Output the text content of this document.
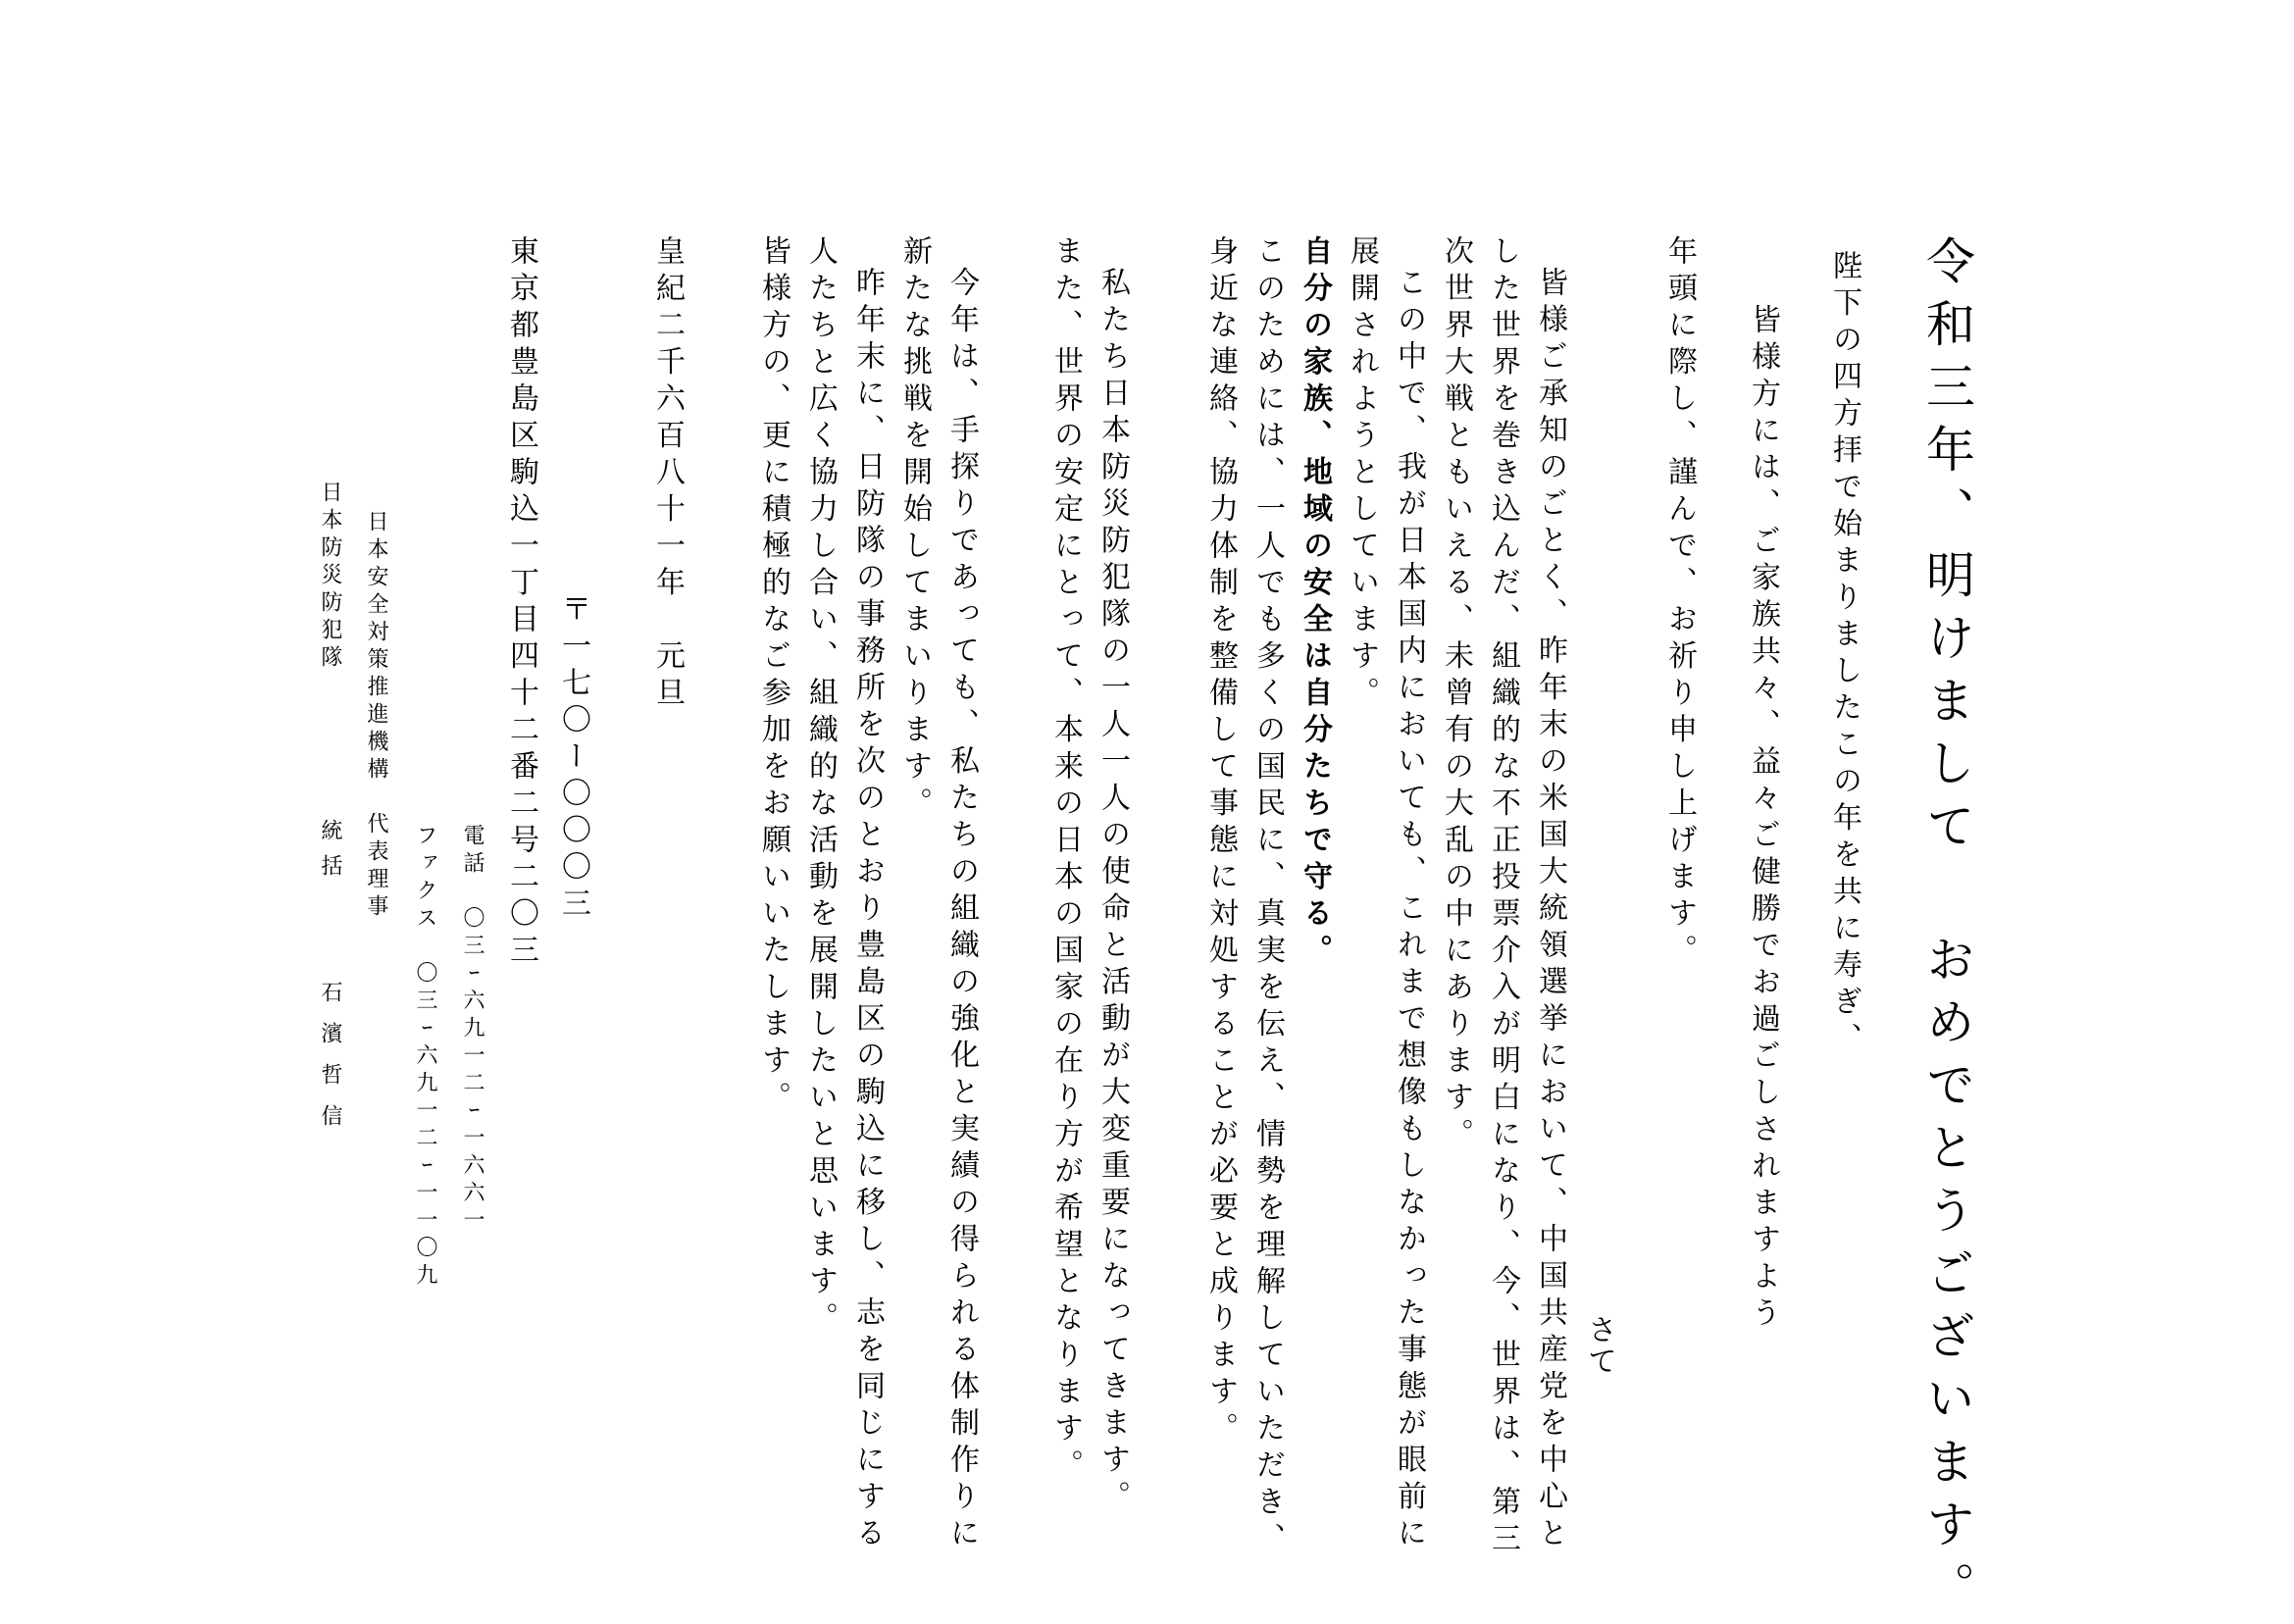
令和三年、明けまして おめでとうございます。
陛下の四方拝で始まりましたこの年を共に寿ぎ、
皆様方には、ご家族共々、益々ご健勝でお過ごしされますよう
年頭に際し、謹んで、お祈り申し上げます。
さて
皆様ご承知のごとく、昨年末の米国大統領選挙において、中国共産党を中心と
した世界を巻き込んだ、組織的な不正投票介入が明白になり、今、世界は、第三
次世界大戦ともいえる、未曾有の大乱の中にあります。
この中で、我が日本国内においても、これまで想像もしなかった事態が眼前に
展開されようとしています。
自分の家族、地域の安全は自分たちで守る。
このためには、一人でも多くの国民に、真実を伝え、情勢を理解していただき、
身近な連絡、協力体制を整備して事態に対処することが必要と成ります。
私たち日本防災防犯隊の一人一人の使命と活動が大変重要になってきます。
また、世界の安定にとって、本来の日本の国家の在り方が希望となります。
今年は、手探りであっても、私たちの組織の強化と実績の得られる体制作りに
新たな挑戦を開始してまいります。
昨年末に、日防隊の事務所を次のとおり豊島区の駒込に移し、志を同じにする
人たちと広く協力し合い、組織的な活動を展開したいと思います。
皆様方の、更に積極的なご参加をお願いいたします。
皇紀二千六百八十一年　元旦
〒一七〇ー〇〇〇三
東京都豊島区駒込一丁目四十二番二号二〇三
電話　〇三ｰ六九一二ｰ一六六一
ファクス　〇三ｰ六九一二ｰ一一〇九
日本安全対策推進機構　代表理事
日本防災防犯隊
統括
石濱哲信
